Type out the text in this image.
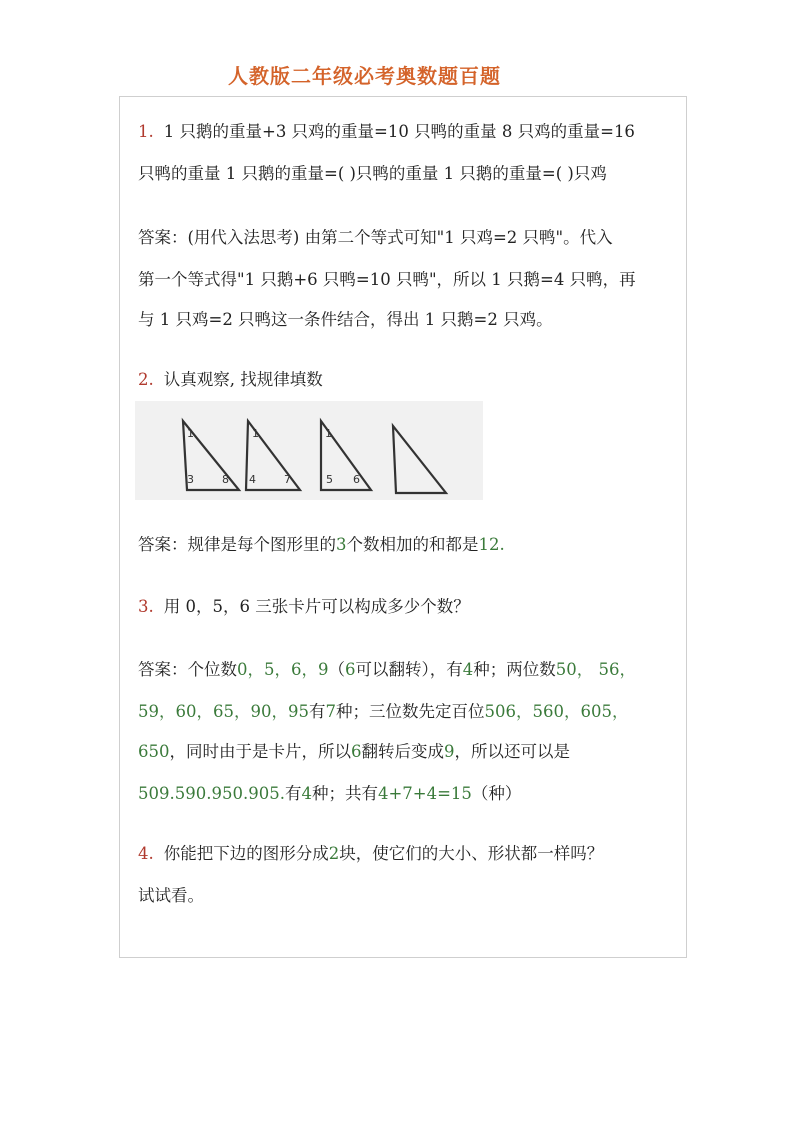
人教版二年级必考奥数题百题
1. 1 只鹅的重量+3 只鸡的重量=10 只鸭的重量 8 只鸡的重量=16
只鸭的重量 1 只鹅的重量=( )只鸭的重量 1 只鹅的重量=( )只鸡
答案：(用代入法思考) 由第二个等式可知"1 只鸡=2 只鸭"。代入
第一个等式得"1 只鹅+6 只鸭=10 只鸭"，所以 1 只鹅=4 只鸭，再
与 1 只鸡=2 只鸭这一条件结合，得出 1 只鹅=2 只鸡。
2. 认真观察, 找规律填数
1
3	8
1
4	7
1
5 6
答案：规律是每个图形里的3个数相加的和都是12.
3. 用 0，5，6 三张卡片可以构成多少个数？
答案：个位数0，5，6，9（6可以翻转），有4种；两位数50， 56，
59，60，65，90，95有7种；三位数先定百位506，560，605，
650，同时由于是卡片，所以6翻转后变成9，所以还可以是
509.590.950.905.有4种；共有4+7+4=15（种）
4. 你能把下边的图形分成2块，使它们的大小、形状都一样吗？
试试看。
